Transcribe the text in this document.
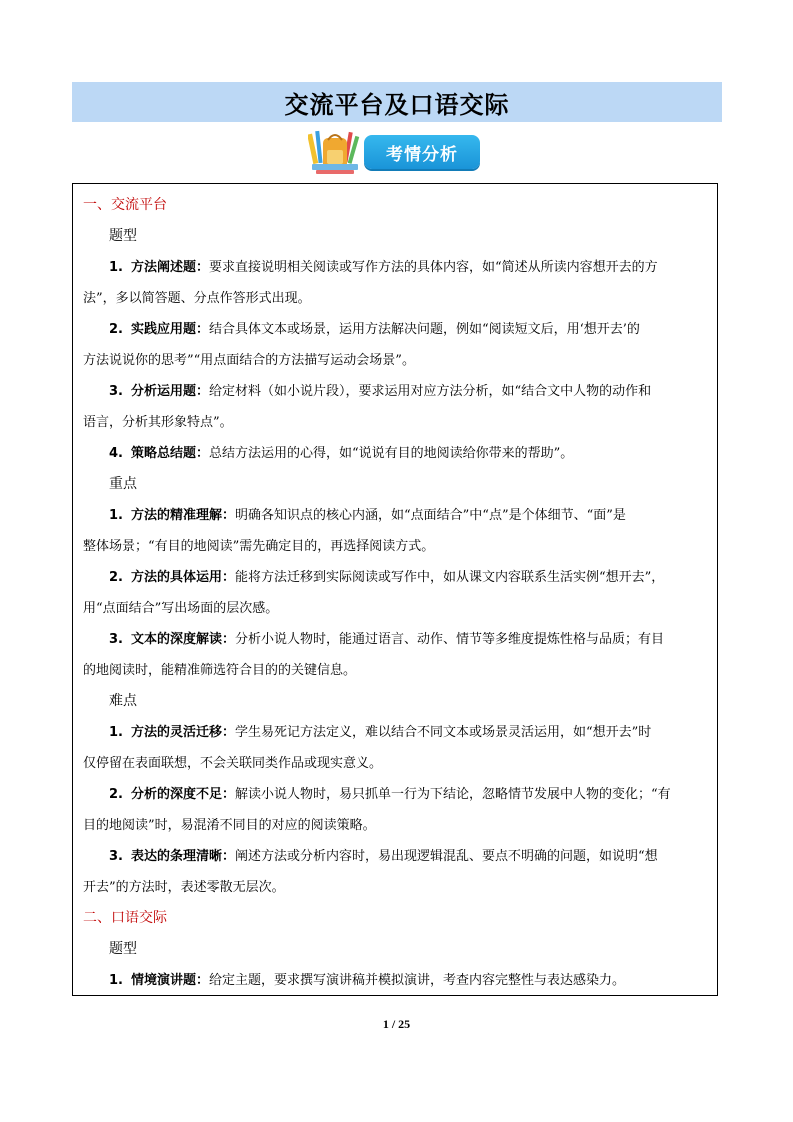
交流平台及口语交际
考情分析
一、交流平台
题型
1. 方法阐述题：要求直接说明相关阅读或写作方法的具体内容，如“简述从所读内容想开去的方
法”，多以简答题、分点作答形式出现。
2. 实践应用题：结合具体文本或场景，运用方法解决问题，例如“阅读短文后，用‘想开去’的
方法说说你的思考”“用点面结合的方法描写运动会场景”。
3. 分析运用题：给定材料（如小说片段），要求运用对应方法分析，如“结合文中人物的动作和
语言，分析其形象特点”。
4. 策略总结题：总结方法运用的心得，如“说说有目的地阅读给你带来的帮助”。
重点
1. 方法的精准理解：明确各知识点的核心内涵，如“点面结合”中“点”是个体细节、“面”是
整体场景；“有目的地阅读”需先确定目的，再选择阅读方式。
2. 方法的具体运用：能将方法迁移到实际阅读或写作中，如从课文内容联系生活实例“想开去”，
用“点面结合”写出场面的层次感。
3. 文本的深度解读：分析小说人物时，能通过语言、动作、情节等多维度提炼性格与品质；有目
的地阅读时，能精准筛选符合目的的关键信息。
难点
1. 方法的灵活迁移：学生易死记方法定义，难以结合不同文本或场景灵活运用，如“想开去”时
仅停留在表面联想，不会关联同类作品或现实意义。
2. 分析的深度不足：解读小说人物时，易只抓单一行为下结论，忽略情节发展中人物的变化；“有
目的地阅读”时，易混淆不同目的对应的阅读策略。
3. 表达的条理清晰：阐述方法或分析内容时，易出现逻辑混乱、要点不明确的问题，如说明“想
开去”的方法时，表述零散无层次。
二、口语交际
题型
1. 情境演讲题：给定主题，要求撰写演讲稿并模拟演讲，考查内容完整性与表达感染力。
1 / 25
